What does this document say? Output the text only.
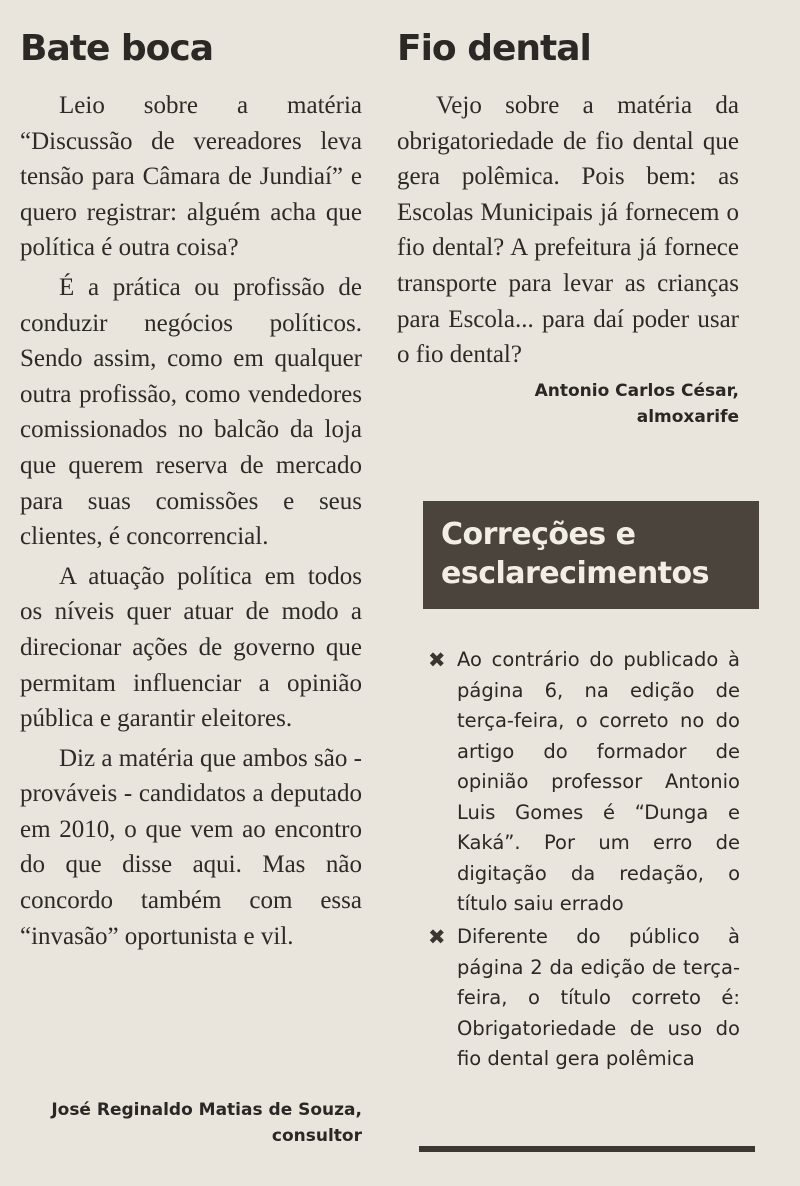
Bate boca

Leio sobre a matéria “Discussão de vereadores leva tensão para Câmara de Jundiaí” e quero registrar: alguém acha que política é outra coisa?

É a prática ou profissão de conduzir negócios políticos. Sendo assim, como em qualquer outra profissão, como vendedores comissionados no balcão da loja que querem reserva de mercado para suas comissões e seus clientes, é concorrencial.

A atuação política em todos os níveis quer atuar de modo a direcionar ações de governo que permitam influenciar a opinião pública e garantir eleitores.

Diz a matéria que ambos são - prováveis - candidatos a deputado em 2010, o que vem ao encontro do que disse aqui. Mas não concordo também com essa “invasão” oportunista e vil.

José Reginaldo Matias de Souza,
consultor
Fio dental

Vejo sobre a matéria da obrigatoriedade de fio dental que gera polêmica. Pois bem: as Escolas Municipais já fornecem o fio dental? A prefeitura já fornece transporte para levar as crianças para Escola... para daí poder usar o fio dental?

Antonio Carlos César,
almoxarife
Correções e esclarecimentos
✖ Ao contrário do publicado à página 6, na edição de terça-feira, o correto no do artigo do formador de opinião professor Antonio Luis Gomes é “Dunga e Kaká”. Por um erro de digitação da redação, o título saiu errado
✖ Diferente do público à página 2 da edição de terça-feira, o título correto é: Obrigatoriedade de uso do fio dental gera polêmica
